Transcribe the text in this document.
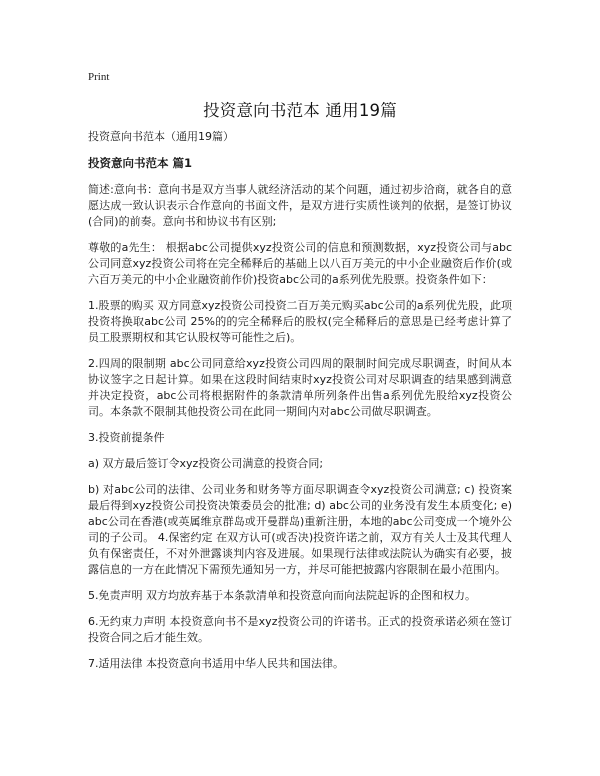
Print
投资意向书范本 通用19篇

投资意向书范本（通用19篇）

投资意向书范本 篇1

简述:意向书：意向书是双方当事人就经济活动的某个问题，通过初步洽商，就各自的意愿达成一致认识表示合作意向的书面文件，是双方进行实质性谈判的依据，是签订协议(合同)的前奏。意向书和协议书有区别;

尊敬的a先生： 根据abc公司提供xyz投资公司的信息和预测数据，xyz投资公司与abc公司同意xyz投资公司将在完全稀释后的基础上以八百万美元的中小企业融资后作价(或六百万美元的中小企业融资前作价)投资abc公司的a系列优先股票。投资条件如下：

1.股票的购买 双方同意xyz投资公司投资二百万美元购买abc公司的a系列优先股，此项投资将换取abc公司 25%的的完全稀释后的股权(完全稀释后的意思是已经考虑计算了员工股票期权和其它认股权等可能性之后)。

2.四周的限制期 abc公司同意给xyz投资公司四周的限制时间完成尽职调查，时间从本协议签字之日起计算。如果在这段时间结束时xyz投资公司对尽职调查的结果感到满意并决定投资，abc公司将根据附件的条款清单所列条件出售a系列优先股给xyz投资公司。本条款不限制其他投资公司在此同一期间内对abc公司做尽职调查。

3.投资前提条件

a) 双方最后签订令xyz投资公司满意的投资合同;

b) 对abc公司的法律、公司业务和财务等方面尽职调查令xyz投资公司满意; c) 投资案最后得到xyz投资公司投资决策委员会的批准; d) abc公司的业务没有发生本质变化; e) abc公司在香港(或英属维京群岛或开曼群岛)重新注册，本地的abc公司变成一个境外公司的子公司。 4.保密约定 在双方认可(或否决)投资许诺之前，双方有关人士及其代理人负有保密责任，不对外泄露谈判内容及进展。如果现行法律或法院认为确实有必要，披露信息的一方在此情况下需预先通知另一方，并尽可能把披露内容限制在最小范围内。

5.免责声明 双方均放弃基于本条款清单和投资意向而向法院起诉的企图和权力。

6.无约束力声明 本投资意向书不是xyz投资公司的许诺书。正式的投资承诺必须在签订投资合同之后才能生效。

7.适用法律 本投资意向书适用中华人民共和国法律。
